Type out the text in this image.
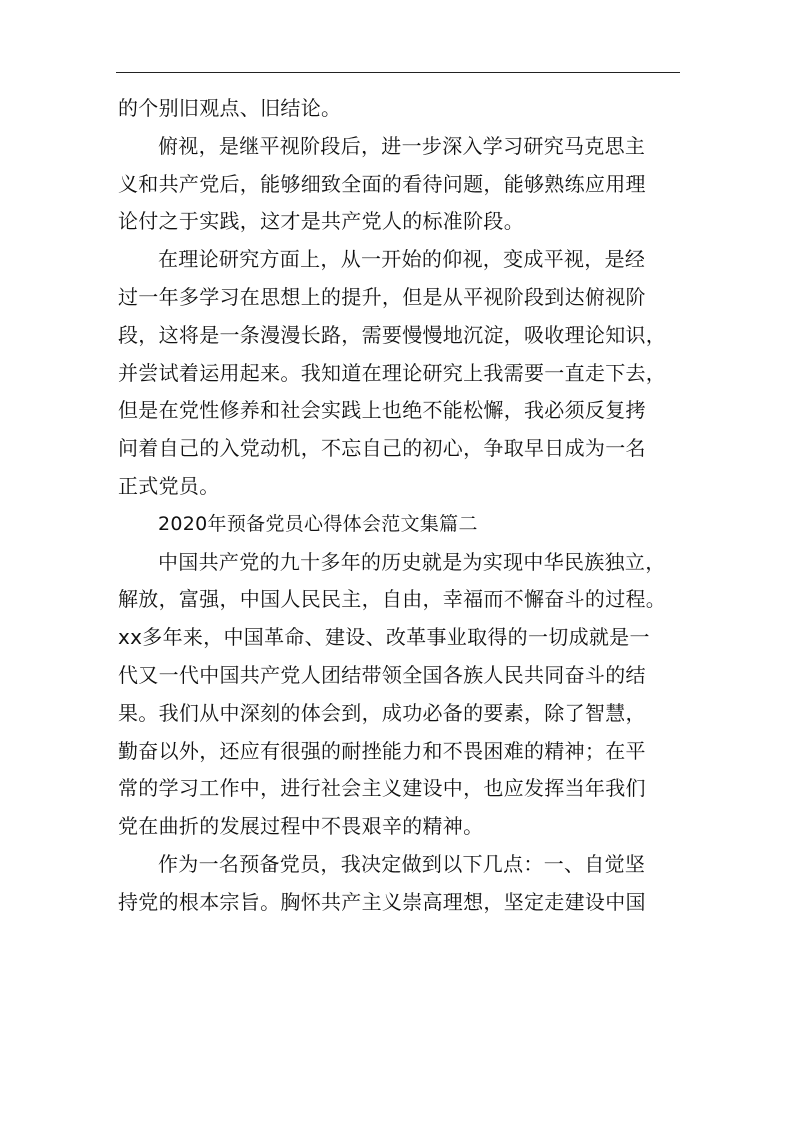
的个别旧观点、旧结论。
俯视，是继平视阶段后，进一步深入学习研究马克思主
义和共产党后，能够细致全面的看待问题，能够熟练应用理
论付之于实践，这才是共产党人的标准阶段。
在理论研究方面上，从一开始的仰视，变成平视，是经
过一年多学习在思想上的提升，但是从平视阶段到达俯视阶
段，这将是一条漫漫长路，需要慢慢地沉淀，吸收理论知识，
并尝试着运用起来。我知道在理论研究上我需要一直走下去，
但是在党性修养和社会实践上也绝不能松懈，我必须反复拷
问着自己的入党动机，不忘自己的初心，争取早日成为一名
正式党员。
2020年预备党员心得体会范文集篇二
中国共产党的九十多年的历史就是为实现中华民族独立，
解放，富强，中国人民民主，自由，幸福而不懈奋斗的过程。
xx多年来，中国革命、建设、改革事业取得的一切成就是一
代又一代中国共产党人团结带领全国各族人民共同奋斗的结
果。我们从中深刻的体会到，成功必备的要素，除了智慧，
勤奋以外，还应有很强的耐挫能力和不畏困难的精神；在平
常的学习工作中，进行社会主义建设中，也应发挥当年我们
党在曲折的发展过程中不畏艰辛的精神。
作为一名预备党员，我决定做到以下几点：一、自觉坚
持党的根本宗旨。胸怀共产主义崇高理想，坚定走建设中国
